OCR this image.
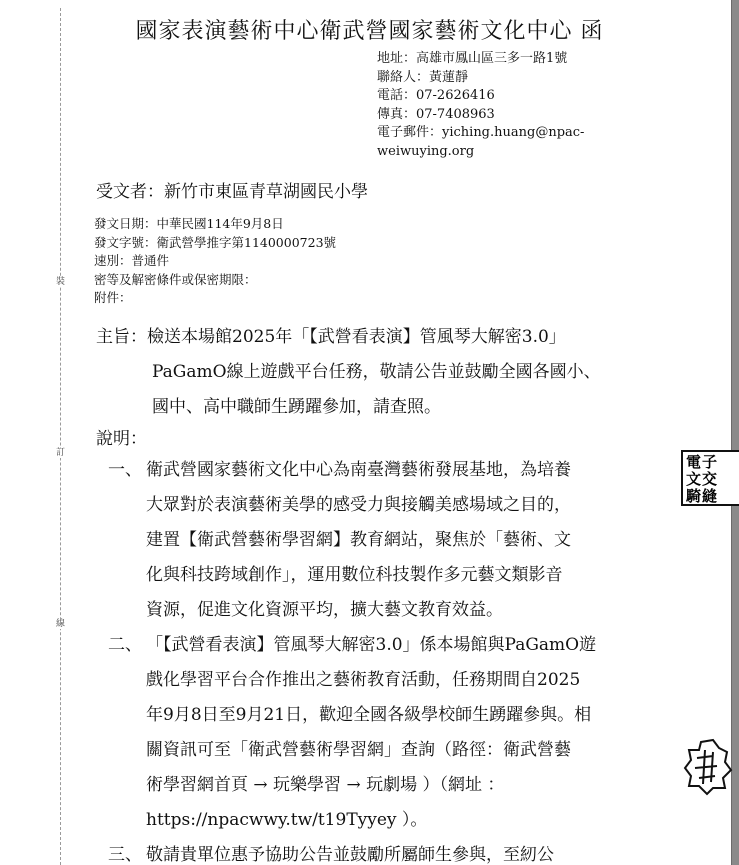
裝
訂
線
國家表演藝術中心衛武營國家藝術文化中心 函
地址：高雄市鳳山區三多一路1號
聯絡人：黃蓮靜
電話：07-2626416
傳真：07-7408963
電子郵件：yiching.huang@npac-
weiwuying.org
受文者：新竹市東區青草湖國民小學
發文日期：中華民國114年9月8日
發文字號：衛武營學推字第1140000723號
速別：普通件
密等及解密條件或保密期限：
附件：
主旨：檢送本場館2025年「【武營看表演】管風琴大解密3.0」
PaGamO線上遊戲平台任務，敬請公告並鼓勵全國各國小、
國中、高中職師生踴躍參加，請查照。
說明：
一、 衛武營國家藝術文化中心為南臺灣藝術發展基地，為培養
大眾對於表演藝術美學的感受力與接觸美感場域之目的，
建置【衛武營藝術學習網】教育網站，聚焦於「藝術、文
化與科技跨域創作」，運用數位科技製作多元藝文類影音
資源，促進文化資源平均，擴大藝文教育效益。
二、 「【武營看表演】管風琴大解密3.0」係本場館與PaGamO遊
戲化學習平台合作推出之藝術教育活動，任務期間自2025
年9月8日至9月21日，歡迎全國各級學校師生踴躍參與。相
關資訊可至「衛武營藝術學習網」查詢（路徑：衛武營藝
術學習網首頁 → 玩樂學習 → 玩劇場 ）（網址 ：
https://npacwwy.tw/t19Tyyey ）。
三、 敬請貴單位惠予協助公告並鼓勵所屬師生參與，至紉公
電子
文交
騎縫
